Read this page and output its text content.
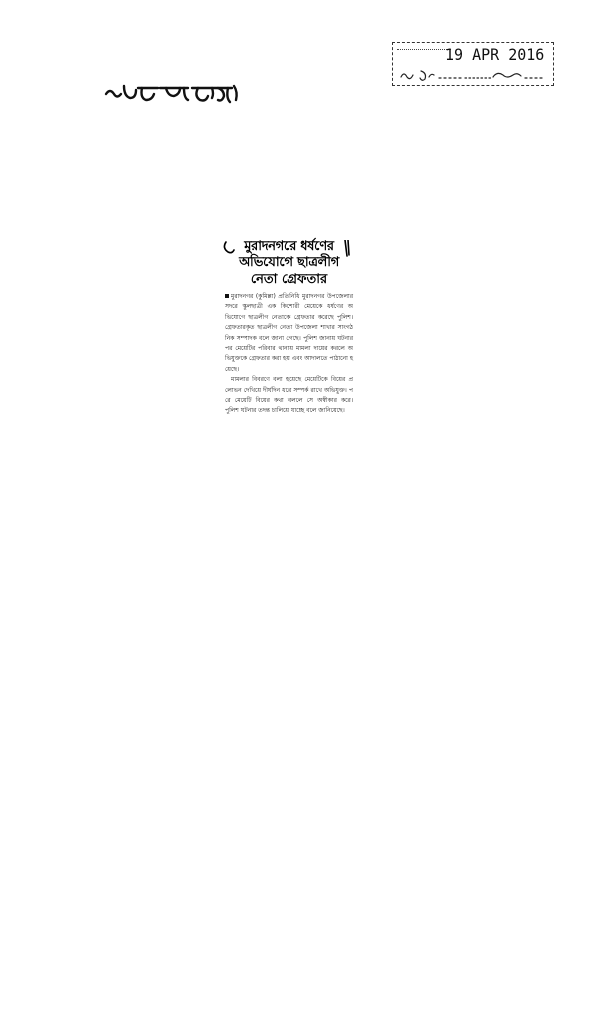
19 APR 2016
মুরাদনগরে ধর্ষণের
অভিযোগে ছাত্রলীগ
নেতা গ্রেফতার

মুরাদনগর (কুমিল্লা) প্রতিনিধি মুরাদনগর উপজেলার সদরে স্কুলছাত্রী এক কিশোরী মেয়েকে ধর্ষণের অভিযোগে ছাত্রলীগ নেতাকে গ্রেফতার করেছে পুলিশ। গ্রেফতারকৃত ছাত্রলীগ নেতা উপজেলা শাখার সাংগঠনিক সম্পাদক বলে জানা গেছে। পুলিশ জানায় ঘটনার পর মেয়েটির পরিবার থানায় মামলা দায়ের করলে অভিযুক্তকে গ্রেফতার করা হয় এবং আদালতে পাঠানো হয়েছে।

মামলার বিবরণে বলা হয়েছে মেয়েটিকে বিয়ের প্রলোভন দেখিয়ে দীর্ঘদিন ধরে সম্পর্ক রাখে অভিযুক্ত। পরে মেয়েটি বিয়ের কথা বললে সে অস্বীকার করে। পুলিশ ঘটনার তদন্ত চালিয়ে যাচ্ছে বলে জানিয়েছে।
